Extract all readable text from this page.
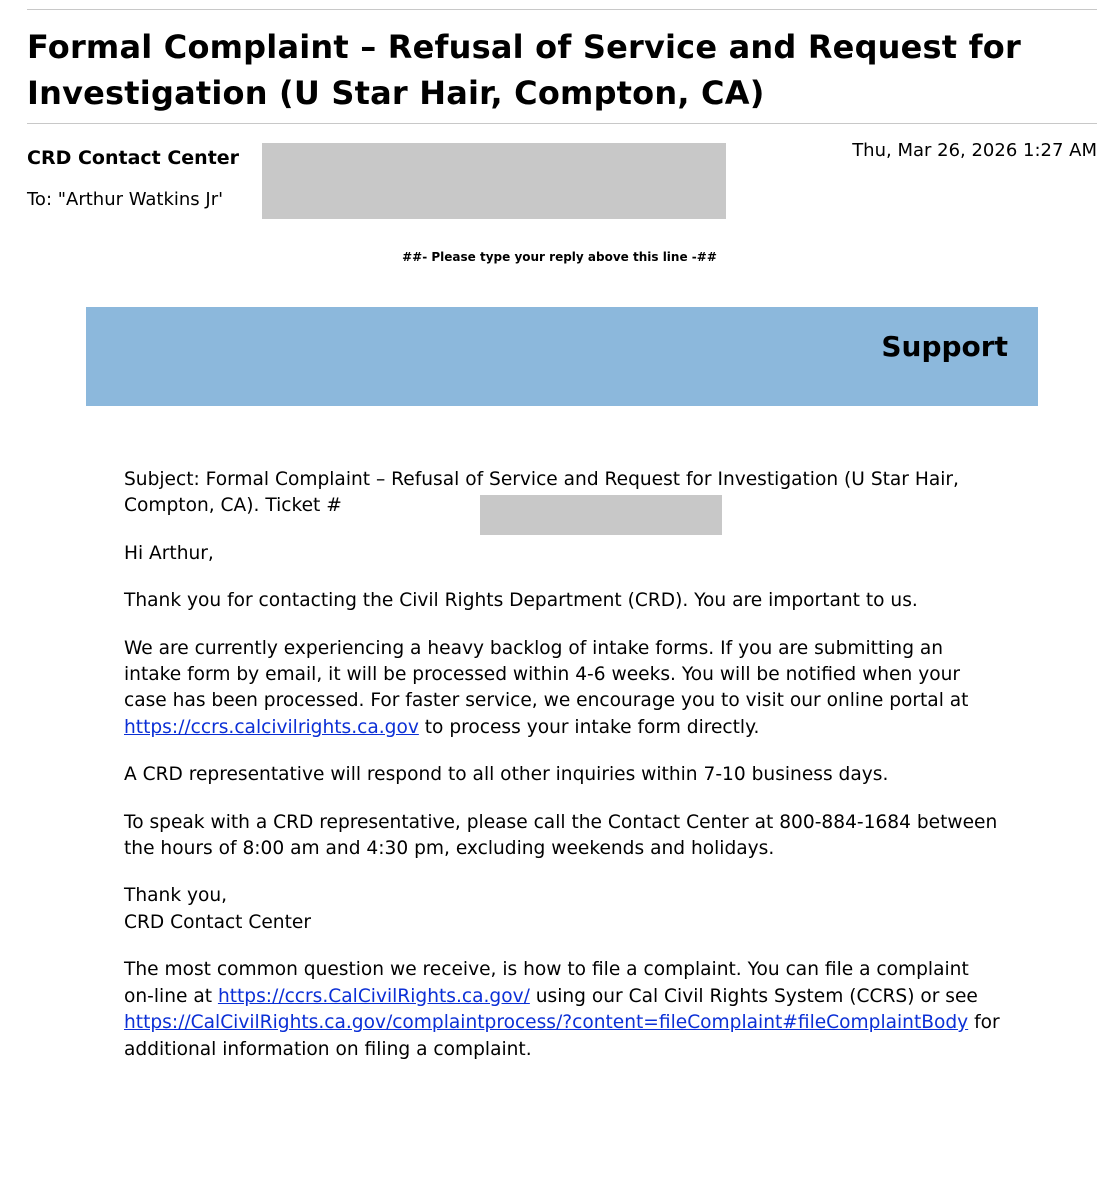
Formal Complaint – Refusal of Service and Request for Investigation (U Star Hair, Compton, CA)
CRD Contact Center
To: "Arthur Watkins Jr'
Thu, Mar 26, 2026 1:27 AM
##- Please type your reply above this line -##
Support

Subject: Formal Complaint – Refusal of Service and Request for Investigation (U Star Hair, Compton, CA). Ticket #

Hi Arthur,

Thank you for contacting the Civil Rights Department (CRD). You are important to us.

We are currently experiencing a heavy backlog of intake forms. If you are submitting an intake form by email, it will be processed within 4-6 weeks. You will be notified when your case has been processed. For faster service, we encourage you to visit our online portal at https://ccrs.calcivilrights.ca.gov to process your intake form directly.

A CRD representative will respond to all other inquiries within 7-10 business days.

To speak with a CRD representative, please call the Contact Center at 800-884-1684 between the hours of 8:00 am and 4:30 pm, excluding weekends and holidays.

Thank you,
CRD Contact Center

The most common question we receive, is how to file a complaint. You can file a complaint on-line at https://ccrs.CalCivilRights.ca.gov/ using our Cal Civil Rights System (CCRS) or see https://CalCivilRights.ca.gov/complaintprocess/?content=fileComplaint#fileComplaintBody for additional information on filing a complaint.
